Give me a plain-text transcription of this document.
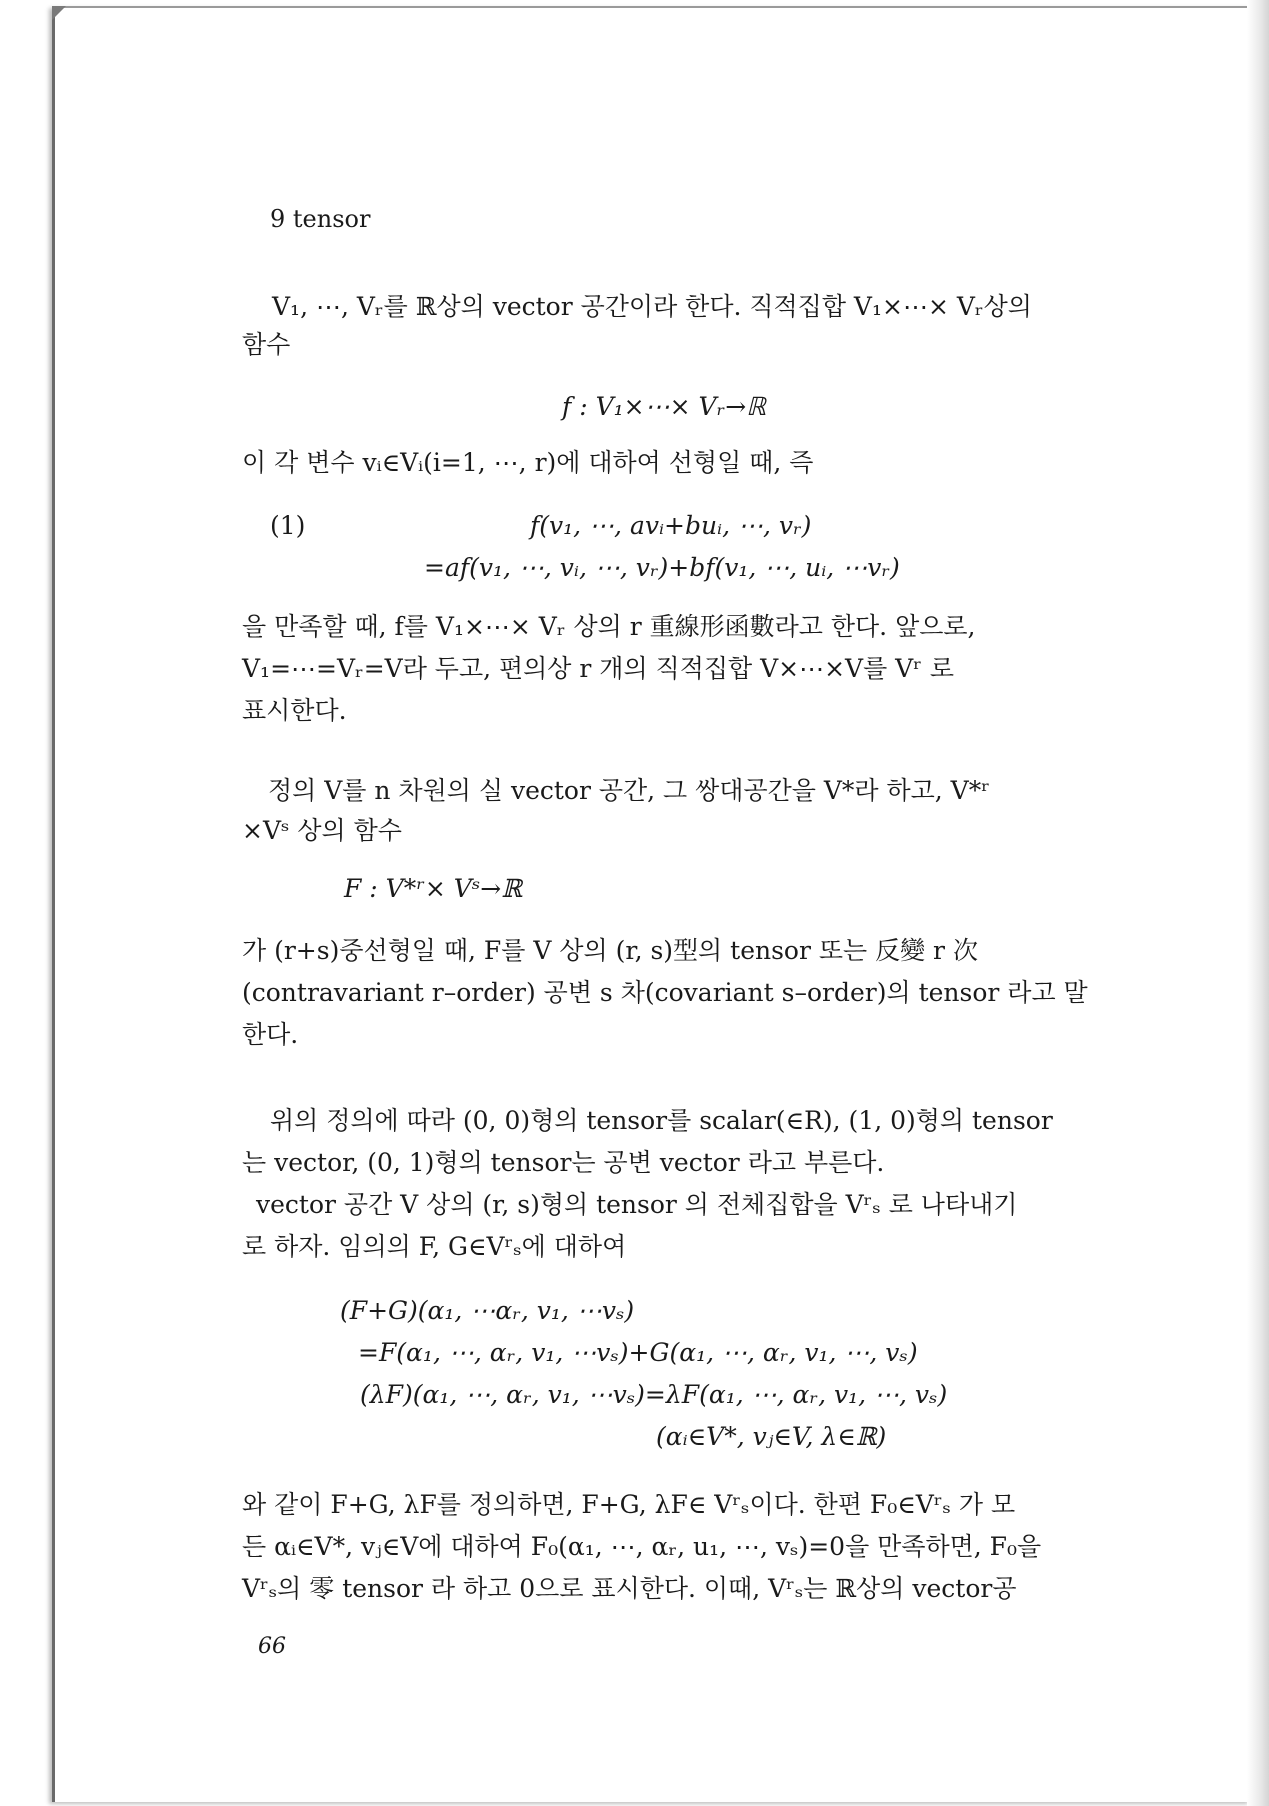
9 tensor
V₁, ⋯, Vᵣ를 ℝ상의 vector 공간이라 한다. 직적집합 V₁×⋯× Vᵣ상의
함수
f : V₁×⋯× Vᵣ→ℝ
이 각 변수 vᵢ∈Vᵢ(i=1, ⋯, r)에 대하여 선형일 때, 즉
(1)	f(v₁, ⋯, avᵢ+buᵢ, ⋯, vᵣ)
=af(v₁, ⋯, vᵢ, ⋯, vᵣ)+bf(v₁, ⋯, uᵢ, ⋯vᵣ)
을 만족할 때, f를 V₁×⋯× Vᵣ 상의 r 重線形函數라고 한다. 앞으로,
V₁=⋯=Vᵣ=V라 두고, 편의상 r 개의 직적집합 V×⋯×V를 Vʳ 로
표시한다.
정의 V를 n 차원의 실 vector 공간, 그 쌍대공간을 V*라 하고, V*ʳ
×Vˢ 상의 함수
F : V*ʳ× Vˢ→ℝ
가 (r+s)중선형일 때, F를 V 상의 (r, s)型의 tensor 또는 反變 r 次
(contravariant r–order) 공변 s 차(covariant s–order)의 tensor 라고 말
한다.
위의 정의에 따라 (0, 0)형의 tensor를 scalar(∈R), (1, 0)형의 tensor
는 vector, (0, 1)형의 tensor는 공변 vector 라고 부른다.
vector 공간 V 상의 (r, s)형의 tensor 의 전체집합을 Vʳₛ 로 나타내기
로 하자. 임의의 F, G∈Vʳₛ에 대하여
(F+G)(α₁, ⋯αᵣ, v₁, ⋯vₛ)
=F(α₁, ⋯, αᵣ, v₁, ⋯vₛ)+G(α₁, ⋯, αᵣ, v₁, ⋯, vₛ)
(λF)(α₁, ⋯, αᵣ, v₁, ⋯vₛ)=λF(α₁, ⋯, αᵣ, v₁, ⋯, vₛ)
(αᵢ∈V*, vⱼ∈V, λ∈ℝ)
와 같이 F+G, λF를 정의하면, F+G, λF∈ Vʳₛ이다. 한편 F₀∈Vʳₛ 가 모
든 αᵢ∈V*, vⱼ∈V에 대하여 F₀(α₁, ⋯, αᵣ, u₁, ⋯, vₛ)=0을 만족하면, F₀을
Vʳₛ의 零 tensor 라 하고 0으로 표시한다. 이때, Vʳₛ는 ℝ상의 vector공
66
